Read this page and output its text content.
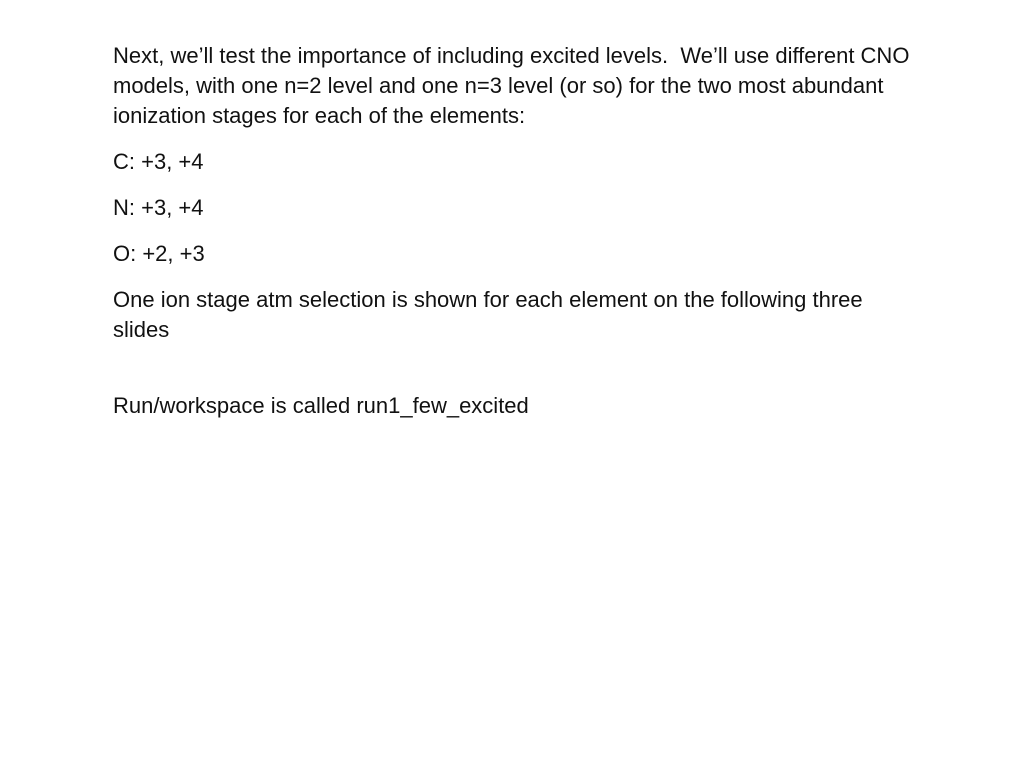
Next, we’ll test the importance of including excited levels.  We’ll use different CNO models, with one n=2 level and one n=3 level (or so) for the two most abundant ionization stages for each of the elements:

C: +3, +4

N: +3, +4

O: +2, +3

One ion stage atm selection is shown for each element on the following three slides

Run/workspace is called run1_few_excited
